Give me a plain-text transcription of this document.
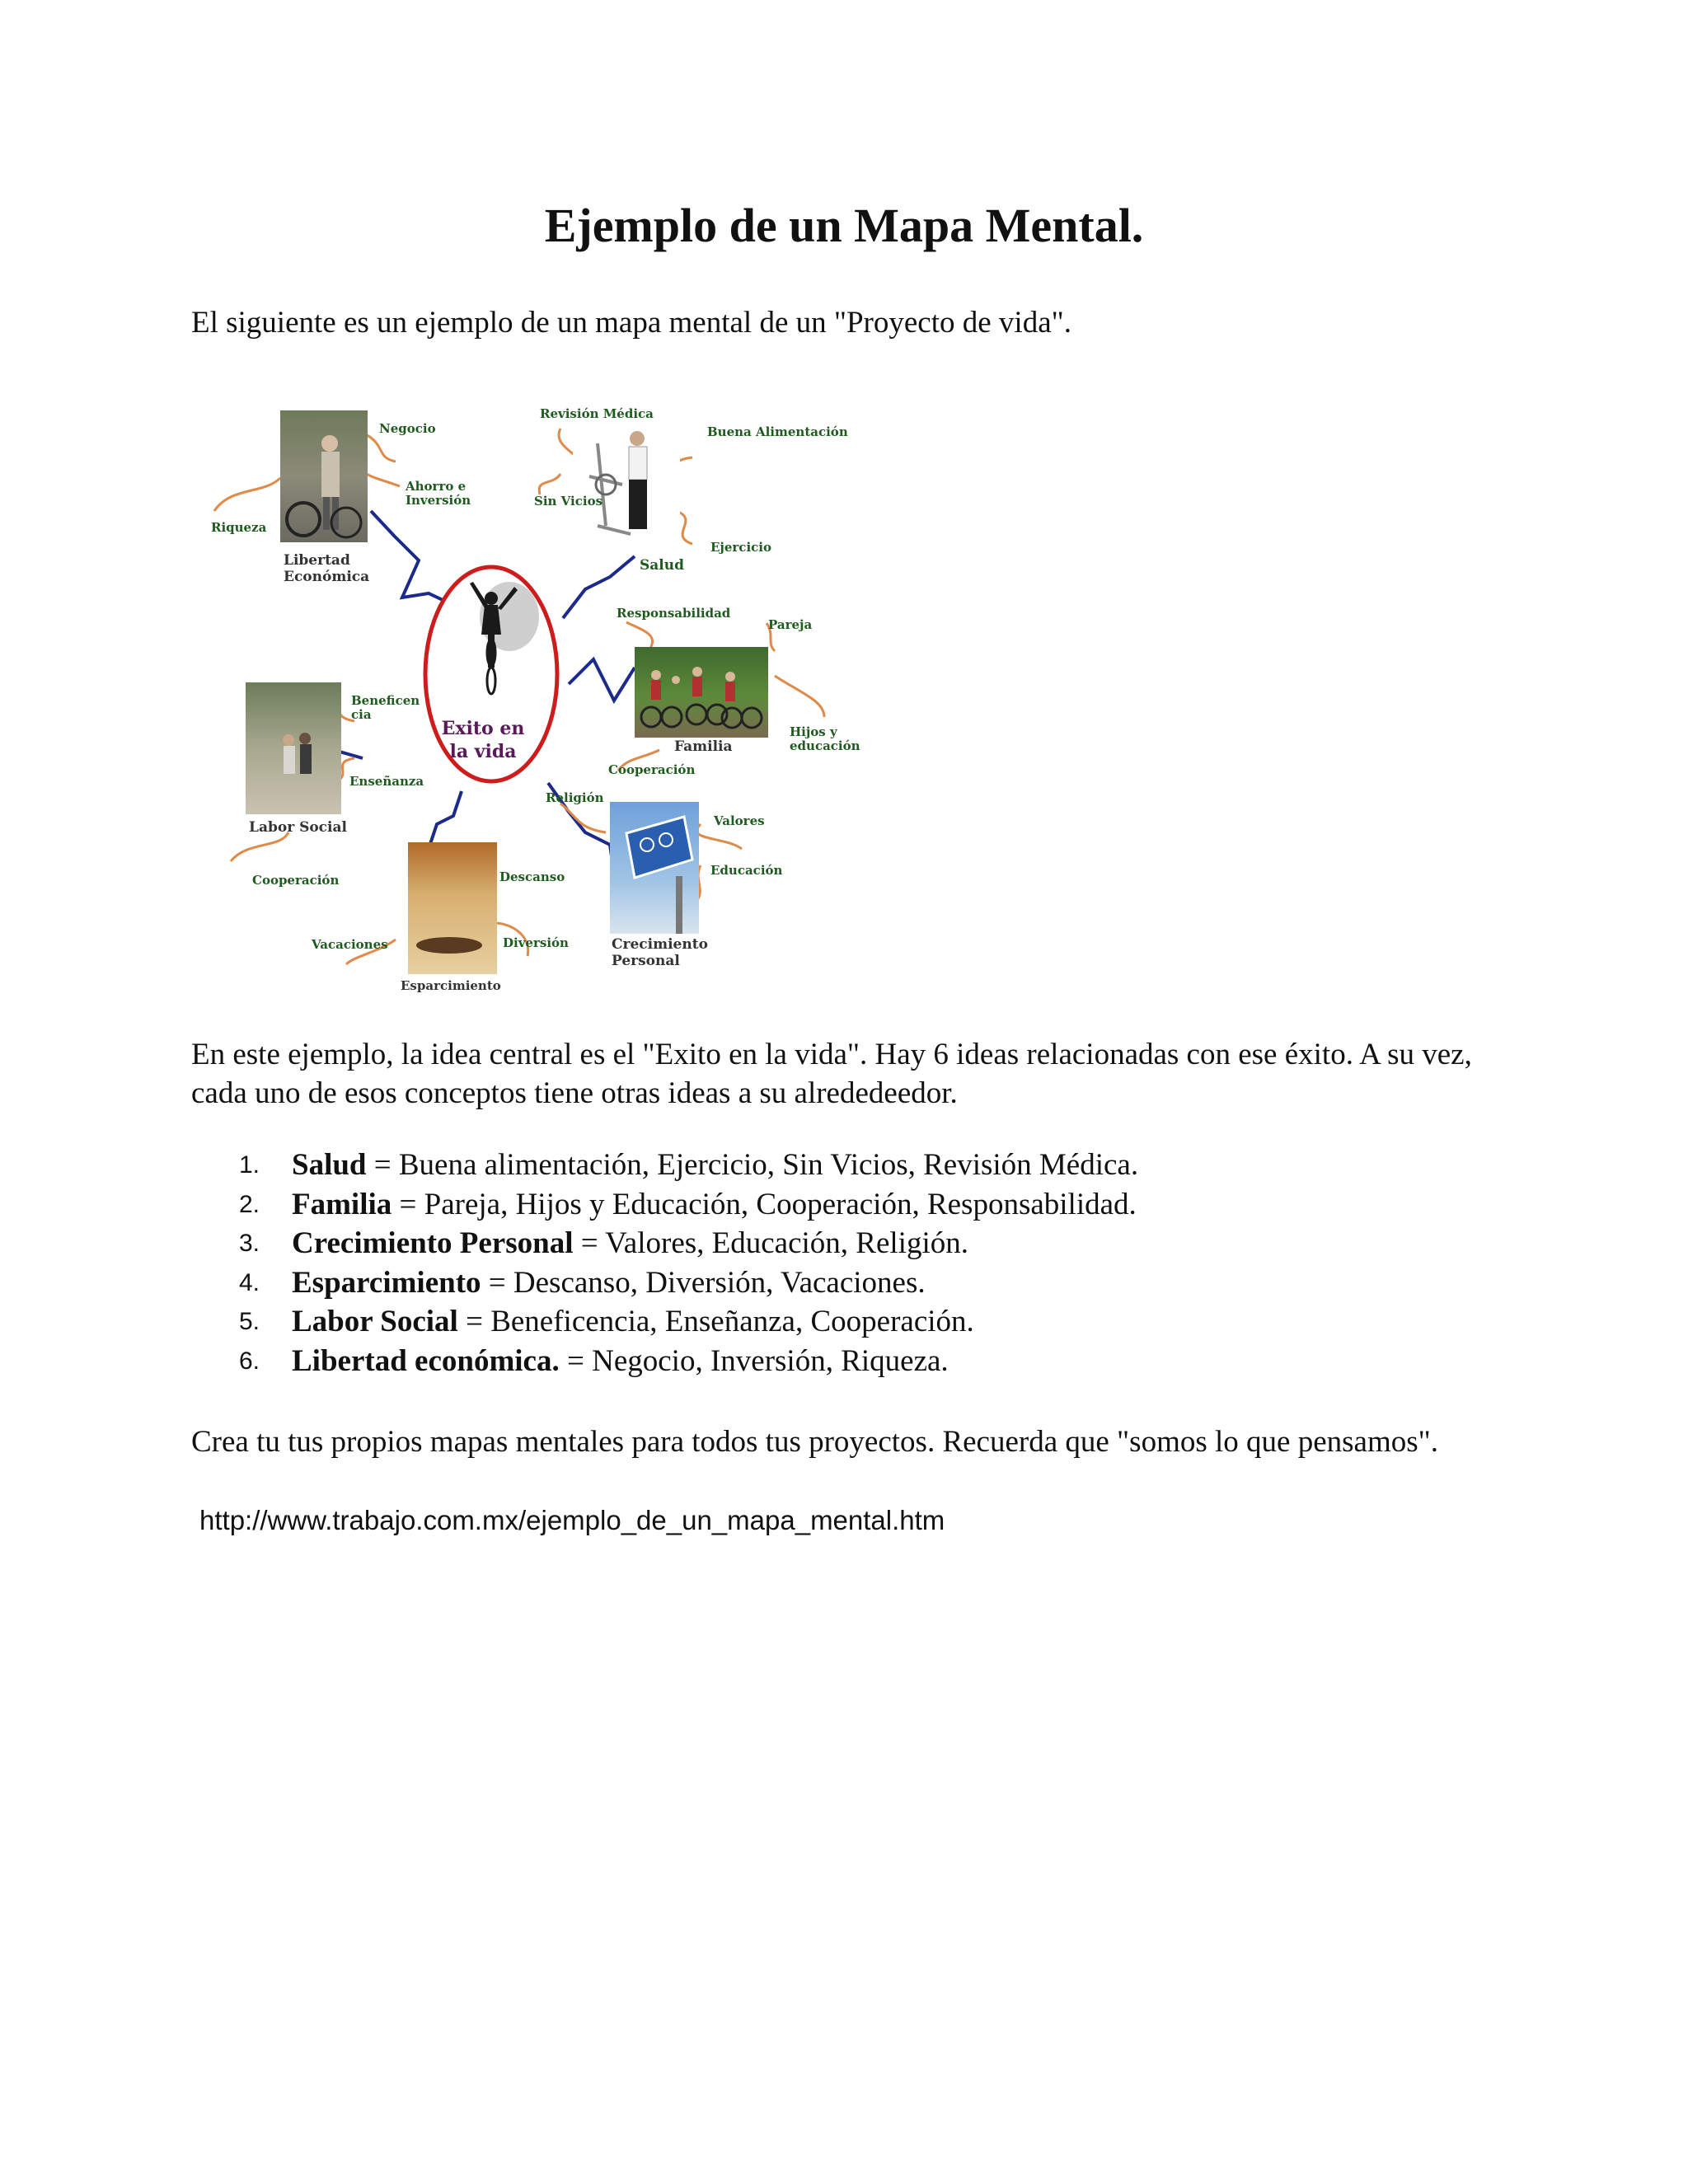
Ejemplo de un Mapa Mental.

El siguiente es un ejemplo de un mapa mental de un "Proyecto de vida".

Exito en
la vida
Negocio
Ahorro e
Inversión
Riqueza
Libertad
Económica
Revisión Médica
Buena Alimentación
Sin Vicios
Ejercicio
Salud
Responsabilidad
Pareja
Familia
Hijos y
educación
Cooperación
Beneficen
cia
Enseñanza
Labor Social
Cooperación
Religión
Valores
Educación
Crecimiento
Personal
Descanso
Diversión
Vacaciones
Esparcimiento

En este ejemplo, la idea central es el "Exito en la vida". Hay 6 ideas relacionadas con ese éxito. A su vez, cada uno de esos conceptos tiene otras ideas a su alrededeedor.

1. Salud = Buena alimentación, Ejercicio, Sin Vicios, Revisión Médica.
2. Familia = Pareja, Hijos y Educación, Cooperación, Responsabilidad.
3. Crecimiento Personal = Valores, Educación, Religión.
4. Esparcimiento = Descanso, Diversión, Vacaciones.
5. Labor Social = Beneficencia, Enseñanza, Cooperación.
6. Libertad económica. = Negocio, Inversión, Riqueza.

Crea tu tus propios mapas mentales para todos tus proyectos. Recuerda que "somos lo que pensamos".

http://www.trabajo.com.mx/ejemplo_de_un_mapa_mental.htm
